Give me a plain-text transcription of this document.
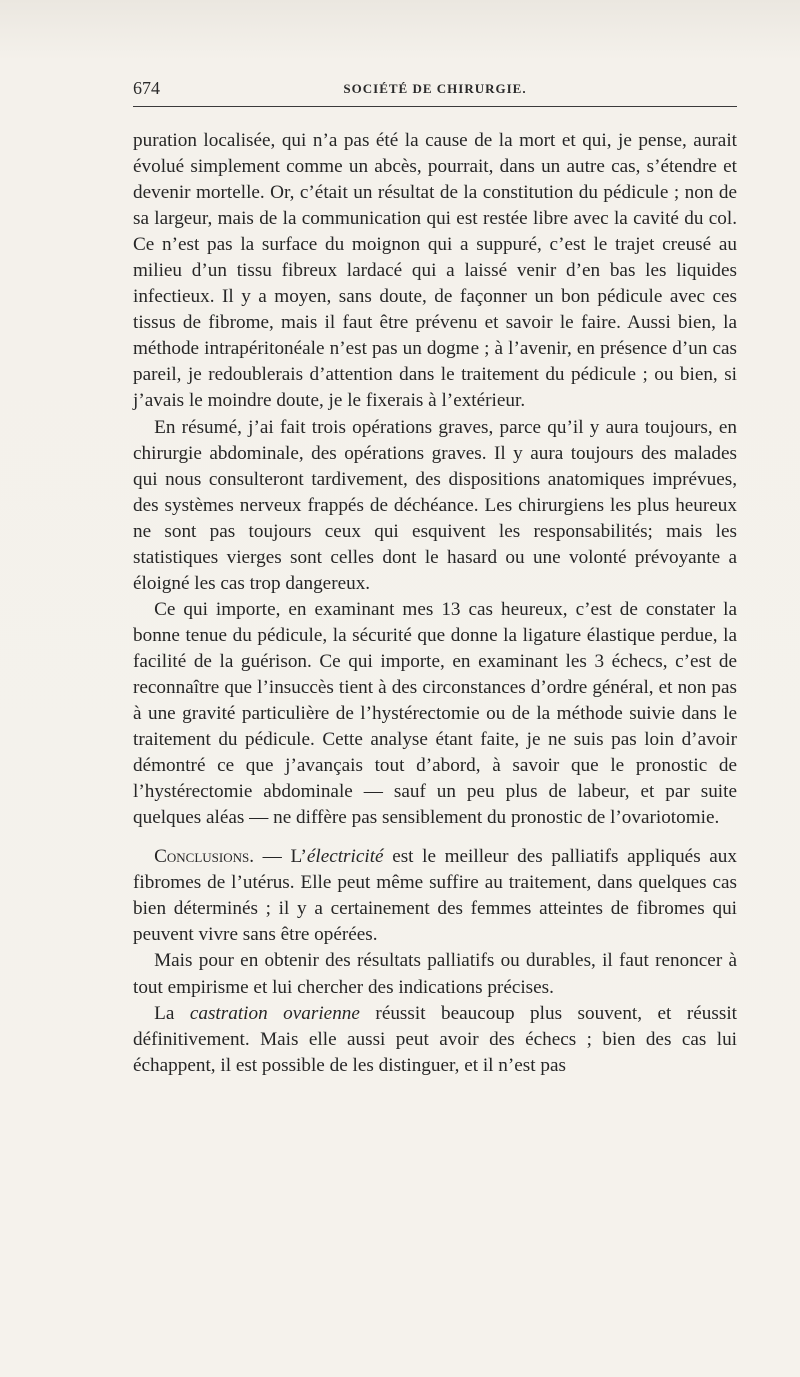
674	SOCIÉTÉ DE CHIRURGIE.

puration localisée, qui n’a pas été la cause de la mort et qui, je pense, aurait évolué simplement comme un abcès, pourrait, dans un autre cas, s’étendre et devenir mortelle. Or, c’était un résultat de la constitution du pédicule ; non de sa largeur, mais de la communication qui est restée libre avec la cavité du col. Ce n’est pas la surface du moignon qui a suppuré, c’est le trajet creusé au milieu d’un tissu fibreux lardacé qui a laissé venir d’en bas les liquides infectieux. Il y a moyen, sans doute, de façonner un bon pédicule avec ces tissus de fibrome, mais il faut être prévenu et savoir le faire. Aussi bien, la méthode intrapéritonéale n’est pas un dogme ; à l’avenir, en présence d’un cas pareil, je redoublerais d’attention dans le traitement du pédicule ; ou bien, si j’avais le moindre doute, je le fixerais à l’extérieur.

En résumé, j’ai fait trois opérations graves, parce qu’il y aura toujours, en chirurgie abdominale, des opérations graves. Il y aura toujours des malades qui nous consulteront tardivement, des dispositions anatomiques imprévues, des systèmes nerveux frappés de déchéance. Les chirurgiens les plus heureux ne sont pas toujours ceux qui esquivent les responsabilités; mais les statistiques vierges sont celles dont le hasard ou une volonté prévoyante a éloigné les cas trop dangereux.

Ce qui importe, en examinant mes 13 cas heureux, c’est de constater la bonne tenue du pédicule, la sécurité que donne la ligature élastique perdue, la facilité de la guérison. Ce qui importe, en examinant les 3 échecs, c’est de reconnaître que l’insuccès tient à des circonstances d’ordre général, et non pas à une gravité particulière de l’hystérectomie ou de la méthode suivie dans le traitement du pédicule. Cette analyse étant faite, je ne suis pas loin d’avoir démontré ce que j’avançais tout d’abord, à savoir que le pronostic de l’hystérectomie abdominale — sauf un peu plus de labeur, et par suite quelques aléas — ne diffère pas sensiblement du pronostic de l’ovariotomie.

Conclusions. — L’électricité est le meilleur des palliatifs appliqués aux fibromes de l’utérus. Elle peut même suffire au traitement, dans quelques cas bien déterminés ; il y a certainement des femmes atteintes de fibromes qui peuvent vivre sans être opérées.

Mais pour en obtenir des résultats palliatifs ou durables, il faut renoncer à tout empirisme et lui chercher des indications précises.

La castration ovarienne réussit beaucoup plus souvent, et réussit définitivement. Mais elle aussi peut avoir des échecs ; bien des cas lui échappent, il est possible de les distinguer, et il n’est pas
